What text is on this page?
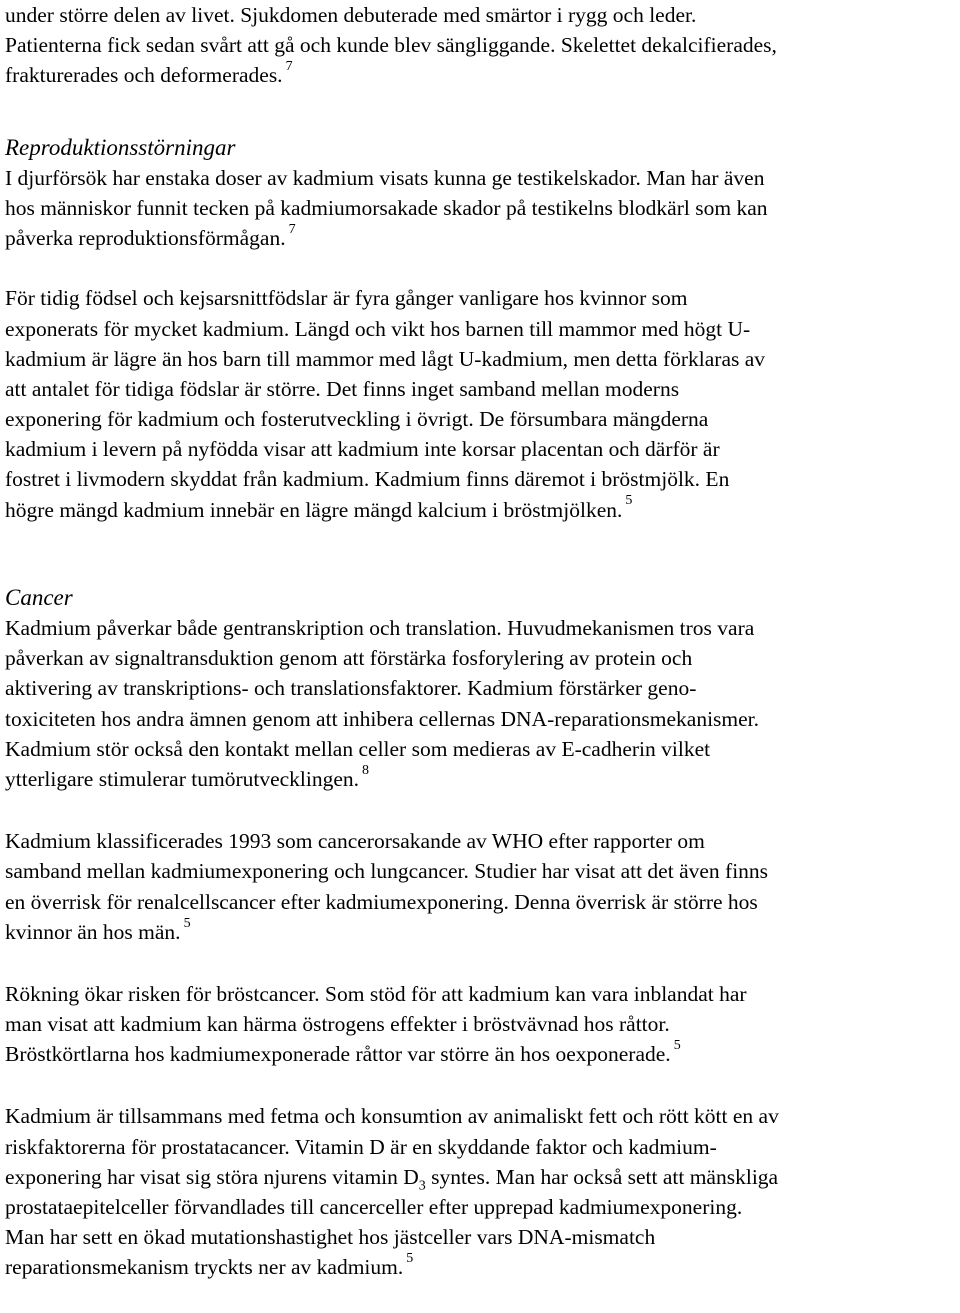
under större delen av livet. Sjukdomen debuterade med smärtor i rygg och leder.
Patienterna fick sedan svårt att gå och kunde blev sängliggande. Skelettet dekalcifierades,
frakturerades och deformerades. $^7$
Reproduktionsstörningar
I djurförsök har enstaka doser av kadmium visats kunna ge testikelskador. Man har även
hos människor funnit tecken på kadmiumorsakade skador på testikelns blodkärl som kan
påverka reproduktionsförmågan. $^7$
För tidig födsel och kejsarsnittfödslar är fyra gånger vanligare hos kvinnor som
exponerats för mycket kadmium. Längd och vikt hos barnen till mammor med högt U-
kadmium är lägre än hos barn till mammor med lågt U-kadmium, men detta förklaras av
att antalet för tidiga födslar är större. Det finns inget samband mellan moderns
exponering för kadmium och fosterutveckling i övrigt. De försumbara mängderna
kadmium i levern på nyfödda visar att kadmium inte korsar placentan och därför är
fostret i livmodern skyddat från kadmium. Kadmium finns däremot i bröstmjölk. En
högre mängd kadmium innebär en lägre mängd kalcium i bröstmjölken. $^5$
Cancer
Kadmium påverkar både gentranskription och translation. Huvudmekanismen tros vara
påverkan av signaltransduktion genom att förstärka fosforylering av protein och
aktivering av transkriptions- och translationsfaktorer. Kadmium förstärker geno-
toxiciteten hos andra ämnen genom att inhibera cellernas DNA-reparationsmekanismer.
Kadmium stör också den kontakt mellan celler som medieras av E-cadherin vilket
ytterligare stimulerar tumörutvecklingen. $^8$
Kadmium klassificerades 1993 som cancerorsakande av WHO efter rapporter om
samband mellan kadmiumexponering och lungcancer. Studier har visat att det även finns
en överrisk för renalcellscancer efter kadmiumexponering. Denna överrisk är större hos
kvinnor än hos män. $^5$
Rökning ökar risken för bröstcancer. Som stöd för att kadmium kan vara inblandat har
man visat att kadmium kan härma östrogens effekter i bröstvävnad hos råttor.
Bröstkörtlarna hos kadmiumexponerade råttor var större än hos oexponerade. $^5$
Kadmium är tillsammans med fetma och konsumtion av animaliskt fett och rött kött en av
riskfaktorerna för prostatacancer. Vitamin D är en skyddande faktor och kadmium-
exponering har visat sig störa njurens vitamin $D_3$ syntes. Man har också sett att mänskliga
prostataepitelceller förvandlades till cancerceller efter upprepad kadmiumexponering.
Man har sett en ökad mutationshastighet hos jästceller vars DNA-mismatch
reparationsmekanism tryckts ner av kadmium. $^5$
